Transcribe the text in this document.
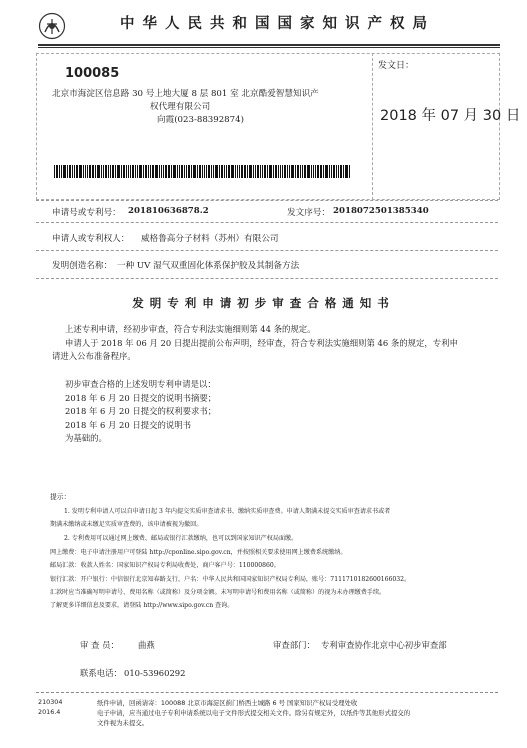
中华人民共和国国家知识产权局
100085
北京市海淀区信息路 30 号上地大厦 8 层 801 室 北京酷爱智慧知识产
权代理有限公司
向霞(023-88392874)
发文日：
2018 年 07 月 30 日
申请号或专利号： 201810636878.2	发文序号： 2018072501385340
申请人或专利权人： 威格鲁高分子材料（苏州）有限公司
发明创造名称： 一种 UV 湿气双重固化体系保护胶及其制备方法
发明专利申请初步审查合格通知书
上述专利申请，经初步审查，符合专利法实施细则第 44 条的规定。
申请人于 2018 年 06 月 20 日提出提前公布声明，经审查，符合专利法实施细则第 46 条的规定，专利申
请进入公布准备程序。
初步审查合格的上述发明专利申请是以：
2018 年 6 月 20 日提交的说明书摘要；
2018 年 6 月 20 日提交的权利要求书；
2018 年 6 月 20 日提交的说明书
为基础的。
提示：
1. 发明专利申请人可以自申请日起 3 年内提交实质审查请求书、缴纳实质审查费。申请人期满未提交实质审查请求书或者
期满未缴纳或未缴足实质审查费的，该申请被视为撤回。
2. 专利费用可以通过网上缴费、邮局或银行汇款缴纳，也可以到国家知识产权局面缴。
网上缴费：电子申请注册用户可登陆 http://cponline.sipo.gov.cn，并按照相关要求使用网上缴费系统缴纳。
邮局汇款：收款人姓名：国家知识产权局专利局收费处，商户客户号：110000860。
银行汇款：开户银行：中信银行北京知春路支行，户名：中华人民共和国国家知识产权局专利局，账号：7111710182600166032。
汇款时应当准确写明申请号、费用名称（或简称）及分项金额。未写明申请号和费用名称（或简称）的视为未办理缴费手续。
了解更多详细信息及要求，请登陆 http://www.sipo.gov.cn 查询。
审 查 员： 曲燕	审查部门： 专利审查协作北京中心初步审查部
联系电话： 010-53960292
210304
2016.4
纸件申请，回函请寄：100088 北京市海淀区蓟门桥西土城路 6 号 国家知识产权局受理处收
电子申请，应当通过电子专利申请系统以电子文件形式提交相关文件。除另有规定外，以纸件等其他形式提交的
文件视为未提交。
